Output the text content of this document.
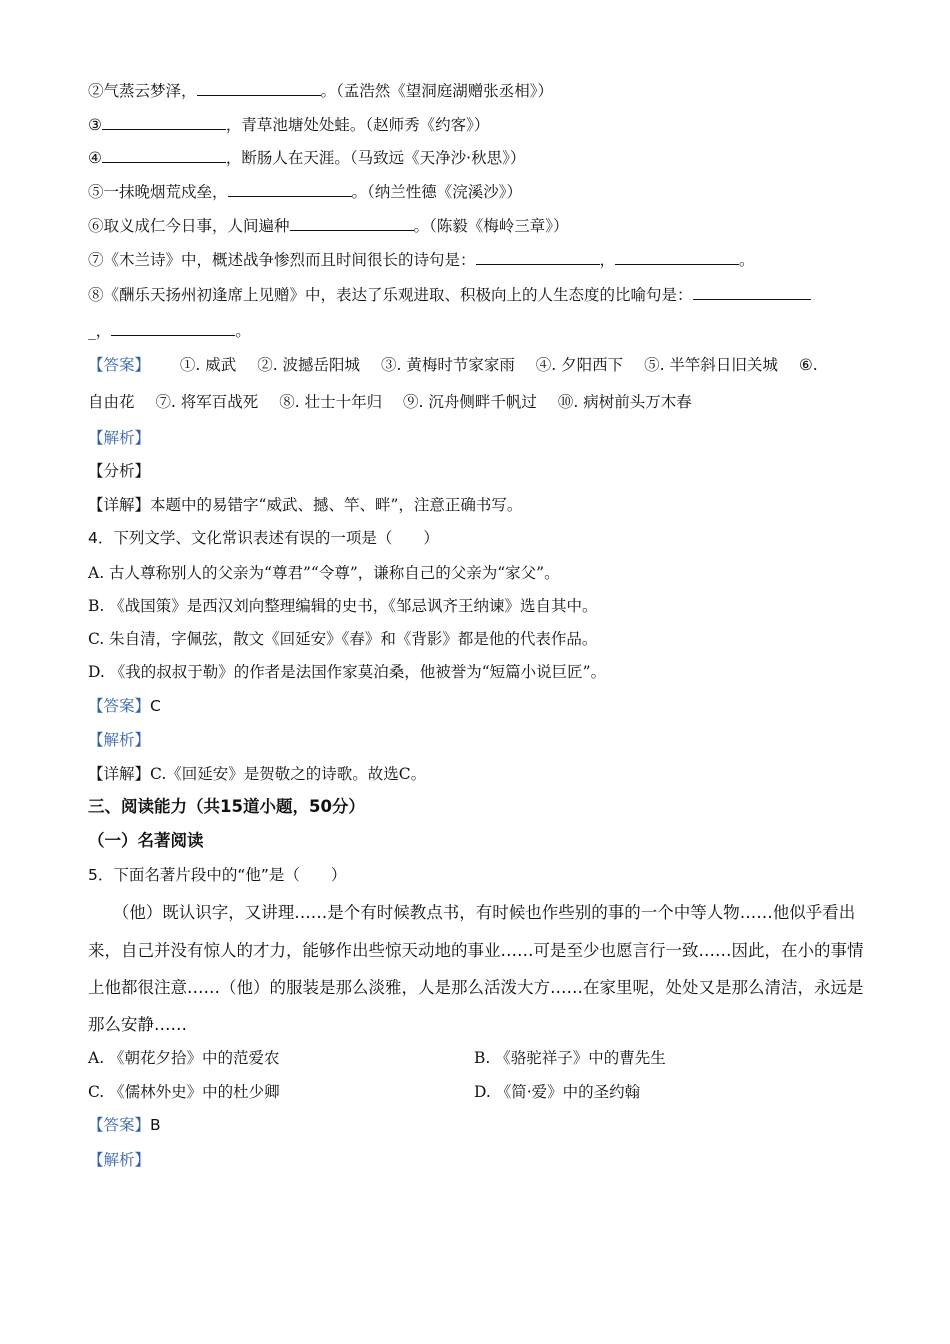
②气蒸云梦泽，	。（孟浩然《望洞庭湖赠张丞相》）
③	，青草池塘处处蛙。（赵师秀《约客》）
④	，断肠人在天涯。（马致远《天净沙·秋思》）
⑤一抹晚烟荒戍垒，	。（纳兰性德《浣溪沙》）
⑥取义成仁今日事，人间遍种	。（陈毅《梅岭三章》）
⑦《木兰诗》中，概述战争惨烈而且时间很长的诗句是：	，	。
⑧《酬乐天扬州初逢席上见赠》中，表达了乐观进取、积极向上的人生态度的比喻句是：
_，	。
【答案】 ①. 威武 ②. 波撼岳阳城 ③. 黄梅时节家家雨 ④. 夕阳西下 ⑤. 半竿斜日旧关城 ⑥.
自由花 ⑦. 将军百战死 ⑧. 壮士十年归 ⑨. 沉舟侧畔千帆过 ⑩. 病树前头万木春
【解析】
【分析】
【详解】本题中的易错字“威武、撼、竿、畔”，注意正确书写。
4．下列文学、文化常识表述有误的一项是（　　）
A. 古人尊称别人的父亲为“尊君”“令尊”，谦称自己的父亲为“家父”。
B. 《战国策》是西汉刘向整理编辑的史书，《邹忌讽齐王纳谏》选自其中。
C. 朱自清，字佩弦，散文《回延安》《春》和《背影》都是他的代表作品。
D. 《我的叔叔于勒》的作者是法国作家莫泊桑，他被誉为“短篇小说巨匠”。
【答案】C
【解析】
【详解】C.《回延安》是贺敬之的诗歌。故选C。
三、阅读能力（共15道小题，50分）
（一）名著阅读
5．下面名著片段中的“他”是（　　）
　　（他）既认识字，又讲理……是个有时候教点书，有时候也作些别的事的一个中等人物……他似乎看出
来，自己并没有惊人的才力，能够作出些惊天动地的事业……可是至少也愿言行一致……因此，在小的事情
上他都很注意……（他）的服装是那么淡雅，人是那么活泼大方……在家里呢，处处又是那么清洁，永远是
那么安静……
A. 《朝花夕拾》中的范爱农	B. 《骆驼祥子》中的曹先生
C. 《儒林外史》中的杜少卿	D. 《简·爱》中的圣约翰
【答案】B
【解析】
